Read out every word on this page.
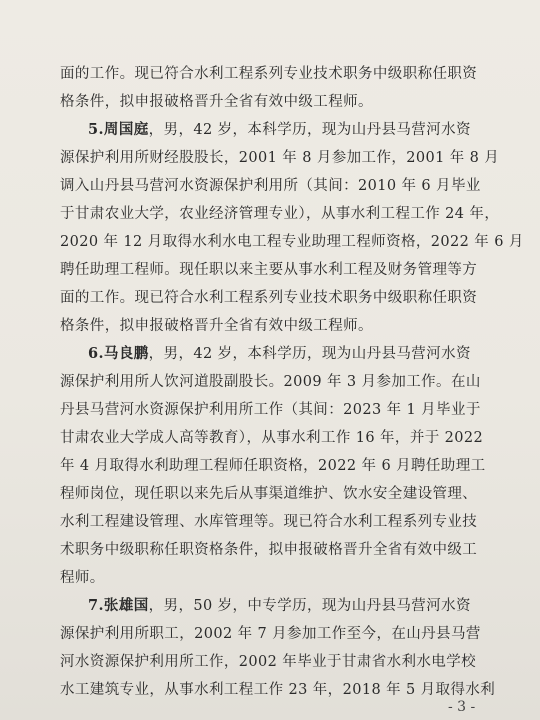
面的工作。现已符合水利工程系列专业技术职务中级职称任职资
格条件，拟申报破格晋升全省有效中级工程师。
5.周国庭，男，42 岁，本科学历，现为山丹县马营河水资
源保护利用所财经股股长，2001 年 8 月参加工作，2001 年 8 月
调入山丹县马营河水资源保护利用所（其间：2010 年 6 月毕业
于甘肃农业大学，农业经济管理专业），从事水利工程工作 24 年，
2020 年 12 月取得水利水电工程专业助理工程师资格，2022 年 6 月
聘任助理工程师。现任职以来主要从事水利工程及财务管理等方
面的工作。现已符合水利工程系列专业技术职务中级职称任职资
格条件，拟申报破格晋升全省有效中级工程师。
6.马良鹏，男，42 岁，本科学历，现为山丹县马营河水资
源保护利用所人饮河道股副股长。2009 年 3 月参加工作。在山
丹县马营河水资源保护利用所工作（其间：2023 年 1 月毕业于
甘肃农业大学成人高等教育），从事水利工作 16 年，并于 2022
年 4 月取得水利助理工程师任职资格，2022 年 6 月聘任助理工
程师岗位，现任职以来先后从事渠道维护、饮水安全建设管理、
水利工程建设管理、水库管理等。现已符合水利工程系列专业技
术职务中级职称任职资格条件，拟申报破格晋升全省有效中级工
程师。
7.张雄国，男，50 岁，中专学历，现为山丹县马营河水资
源保护利用所职工，2002 年 7 月参加工作至今，在山丹县马营
河水资源保护利用所工作，2002 年毕业于甘肃省水利水电学校
水工建筑专业，从事水利工程工作 23 年，2018 年 5 月取得水利
- 3 -
